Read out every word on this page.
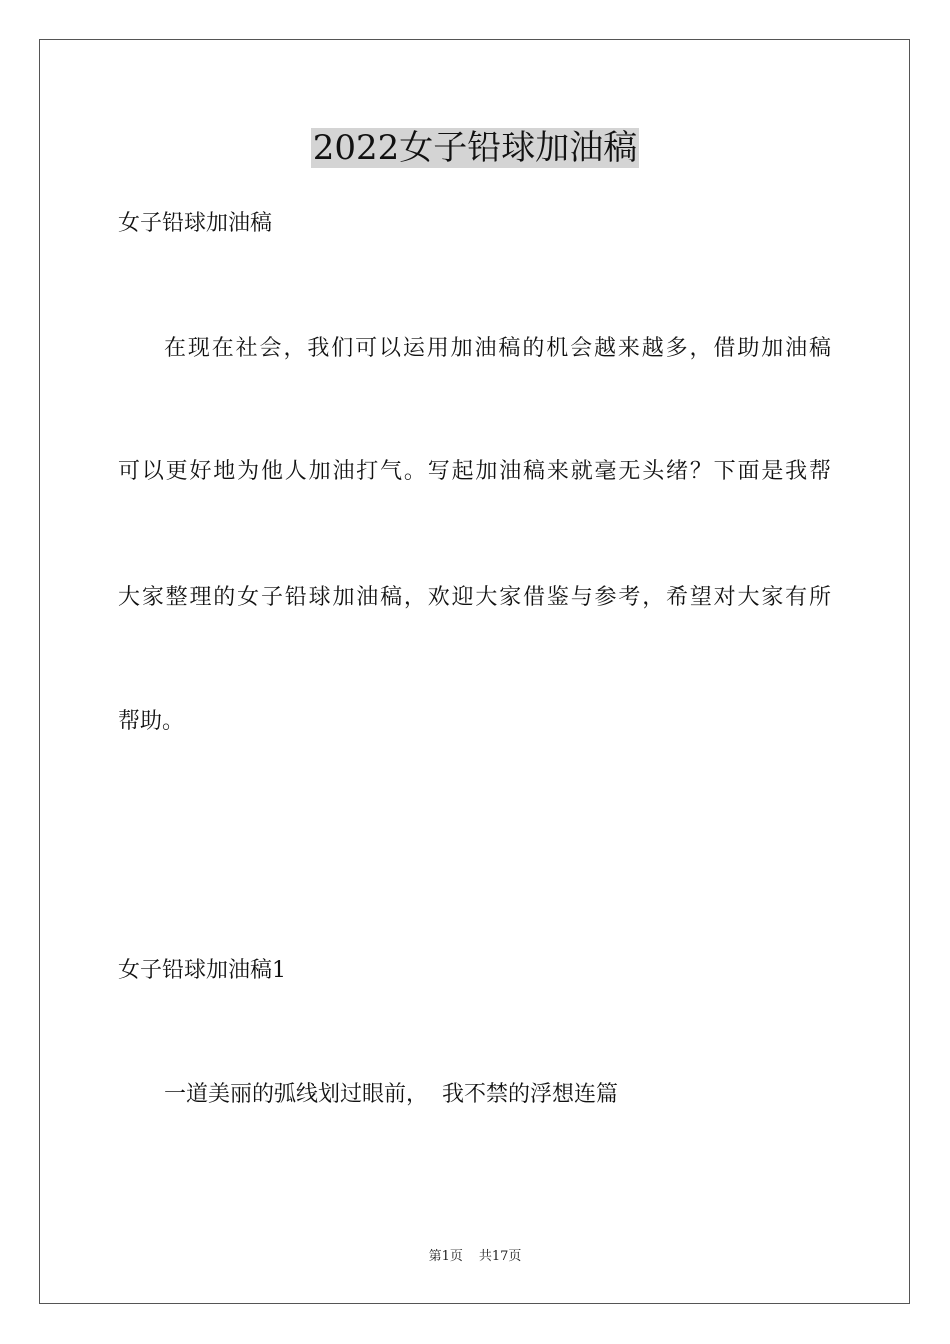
2022女子铅球加油稿
女子铅球加油稿
在现在社会，我们可以运用加油稿的机会越来越多，借助加油稿
可以更好地为他人加油打气。写起加油稿来就毫无头绪？下面是我帮
大家整理的女子铅球加油稿，欢迎大家借鉴与参考，希望对大家有所
帮助。
女子铅球加油稿1
一道美丽的弧线划过眼前，  我不禁的浮想连篇
第1页 共17页
